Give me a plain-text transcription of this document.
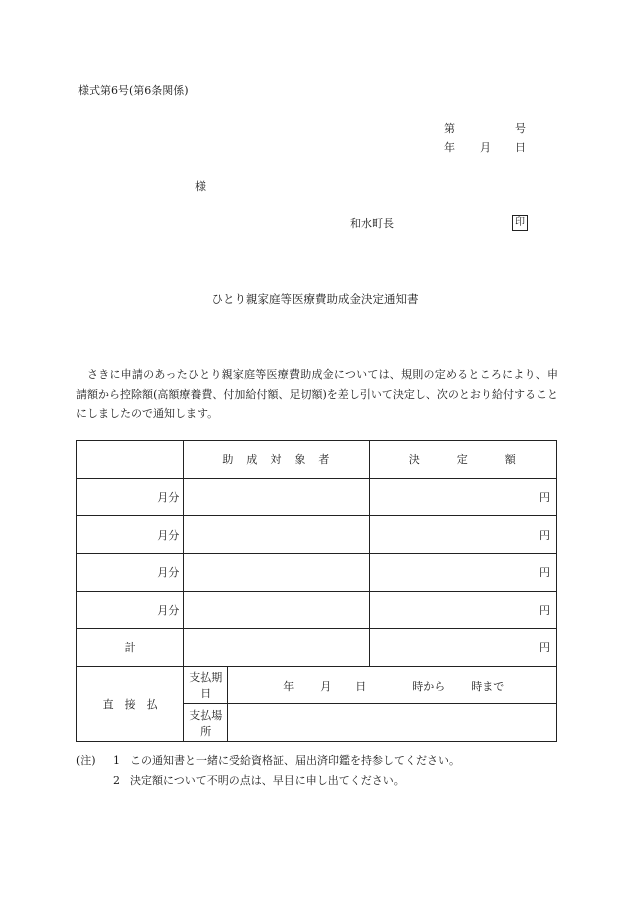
様式第6号(第6条関係)
第	号
年 月 日
様
和水町長	印
ひとり親家庭等医療費助成金決定通知書
さきに申請のあったひとり親家庭等医療費助成金については、規則の定めるところにより、申請額から控除額(高額療養費、付加給付額、足切額)を差し引いて決定し、次のとおり給付することにしましたので通知します。
	助　成　対　象　者		決　　　定　　　額
月分			円
月分			円
月分			円
月分			円
計			円
直　接　払	支払期日	年 月 日 時から 時まで	

	支払場所		
(注) 1 この通知書と一緒に受給資格証、届出済印鑑を持参してください。
2 決定額について不明の点は、早目に申し出てください。
